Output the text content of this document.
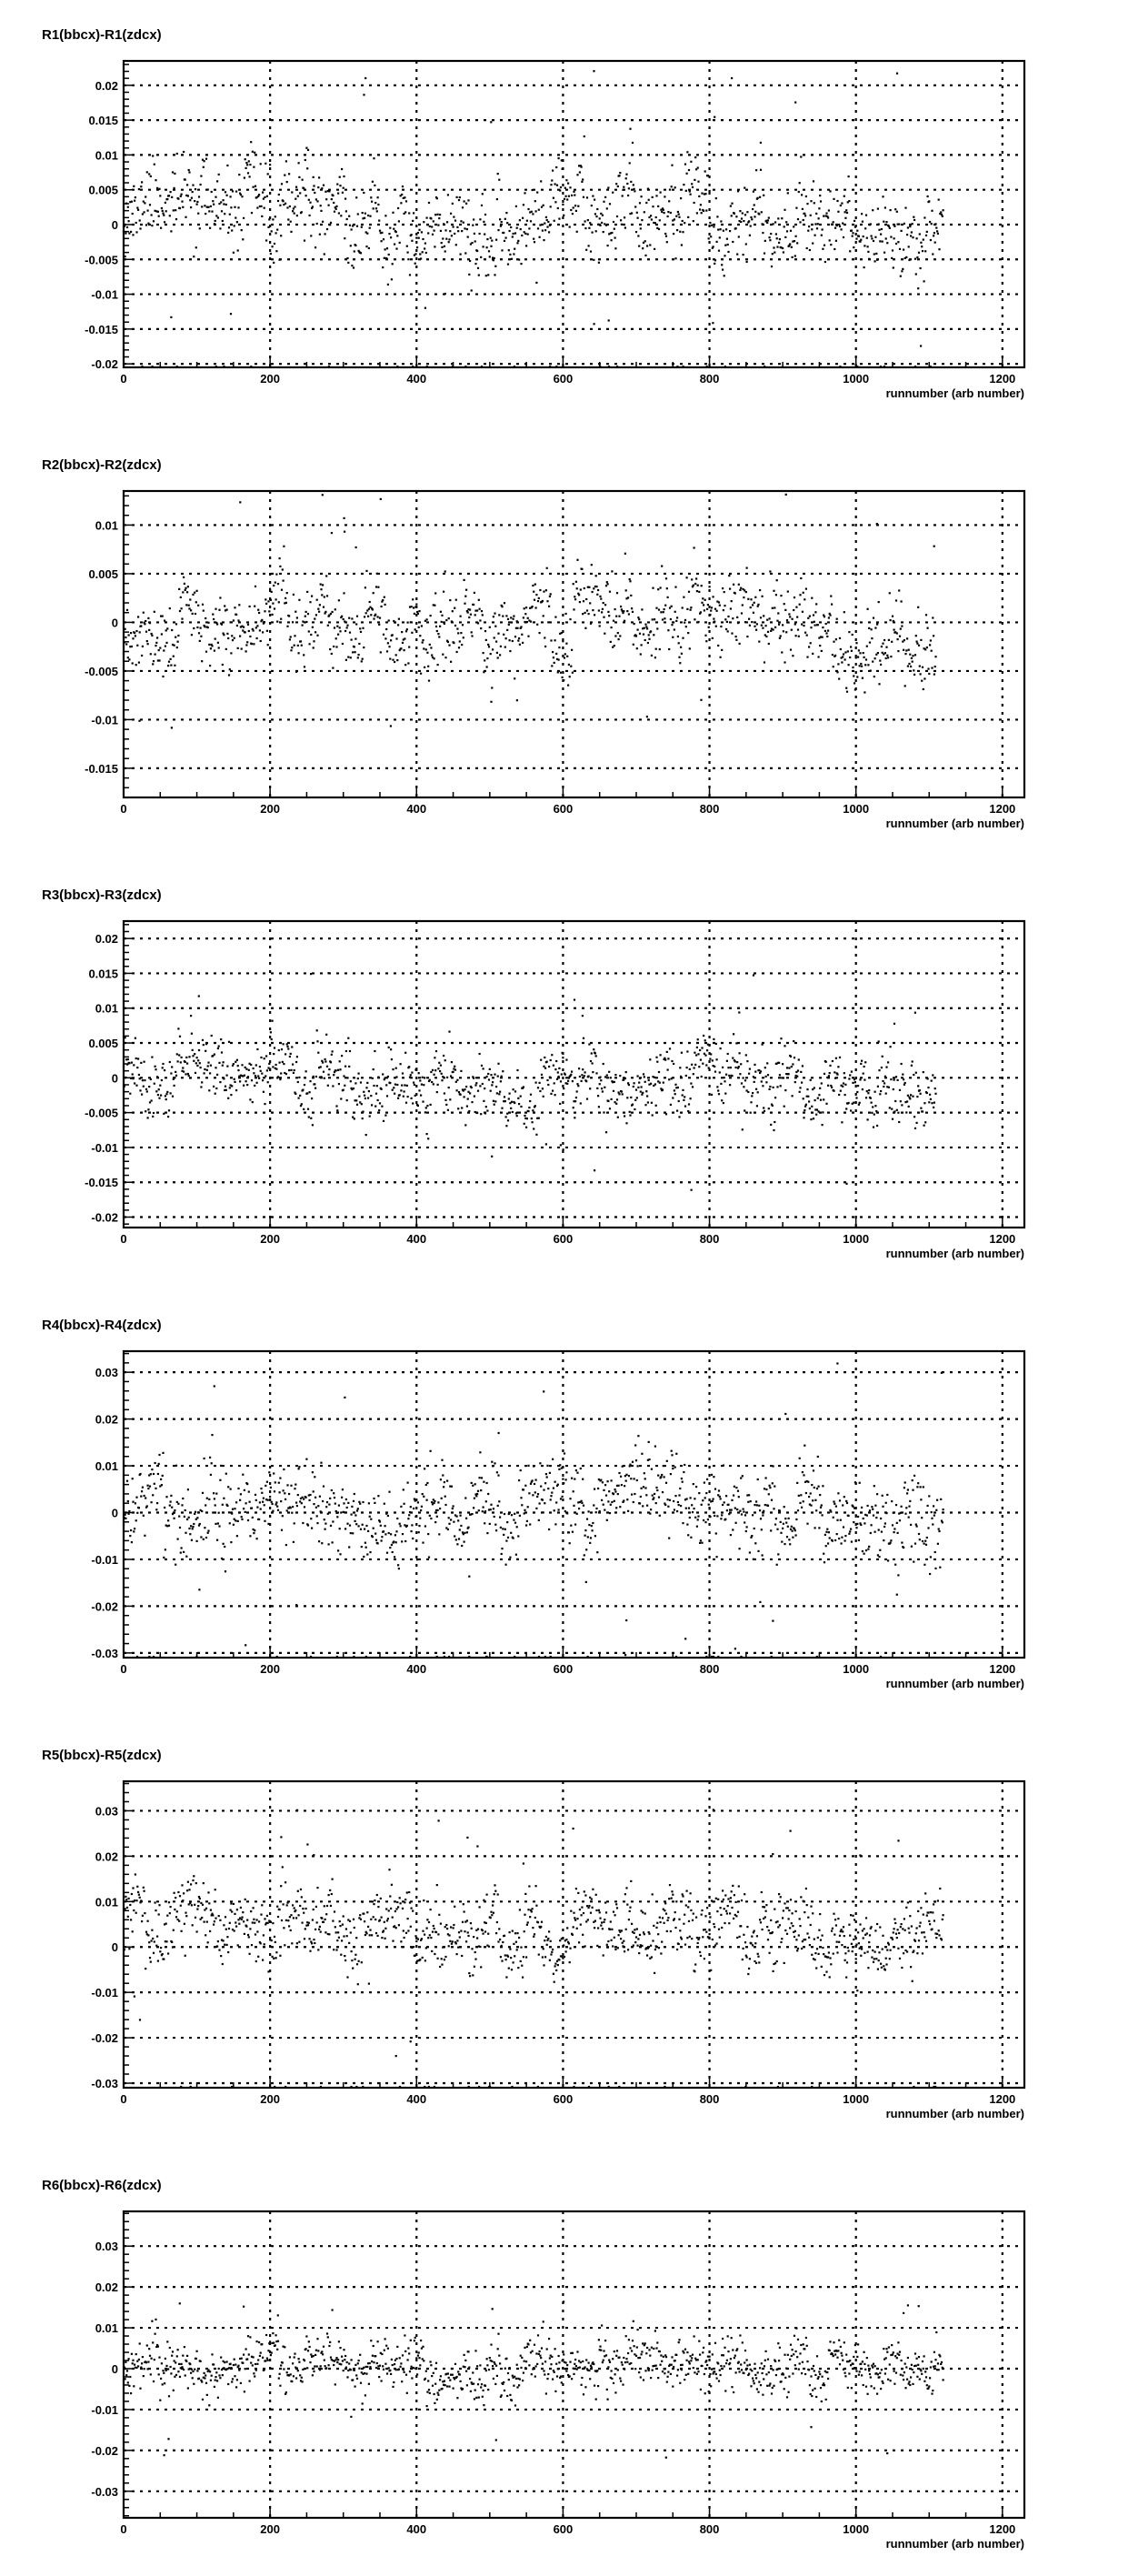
R1(bbcx)-R1(zdcx)
0	200	400	600	800	1000	1200
-0.02
-0.015
-0.01
-0.005
0
0.005
0.01
0.015
0.02
runnumber (arb number)
R2(bbcx)-R2(zdcx)
0	200	400	600	800	1000	1200
-0.015
-0.01
-0.005
0
0.005
0.01
runnumber (arb number)
R3(bbcx)-R3(zdcx)
0	200	400	600	800	1000	1200
-0.02
-0.015
-0.01
-0.005
0
0.005
0.01
0.015
0.02
runnumber (arb number)
R4(bbcx)-R4(zdcx)
0	200	400	600	800	1000	1200
-0.03
-0.02
-0.01
0
0.01
0.02
0.03
runnumber (arb number)
R5(bbcx)-R5(zdcx)
0	200	400	600	800	1000	1200
-0.03
-0.02
-0.01
0
0.01
0.02
0.03
runnumber (arb number)
R6(bbcx)-R6(zdcx)
0	200	400	600	800	1000	1200
-0.03
-0.02
-0.01
0
0.01
0.02
0.03
runnumber (arb number)
